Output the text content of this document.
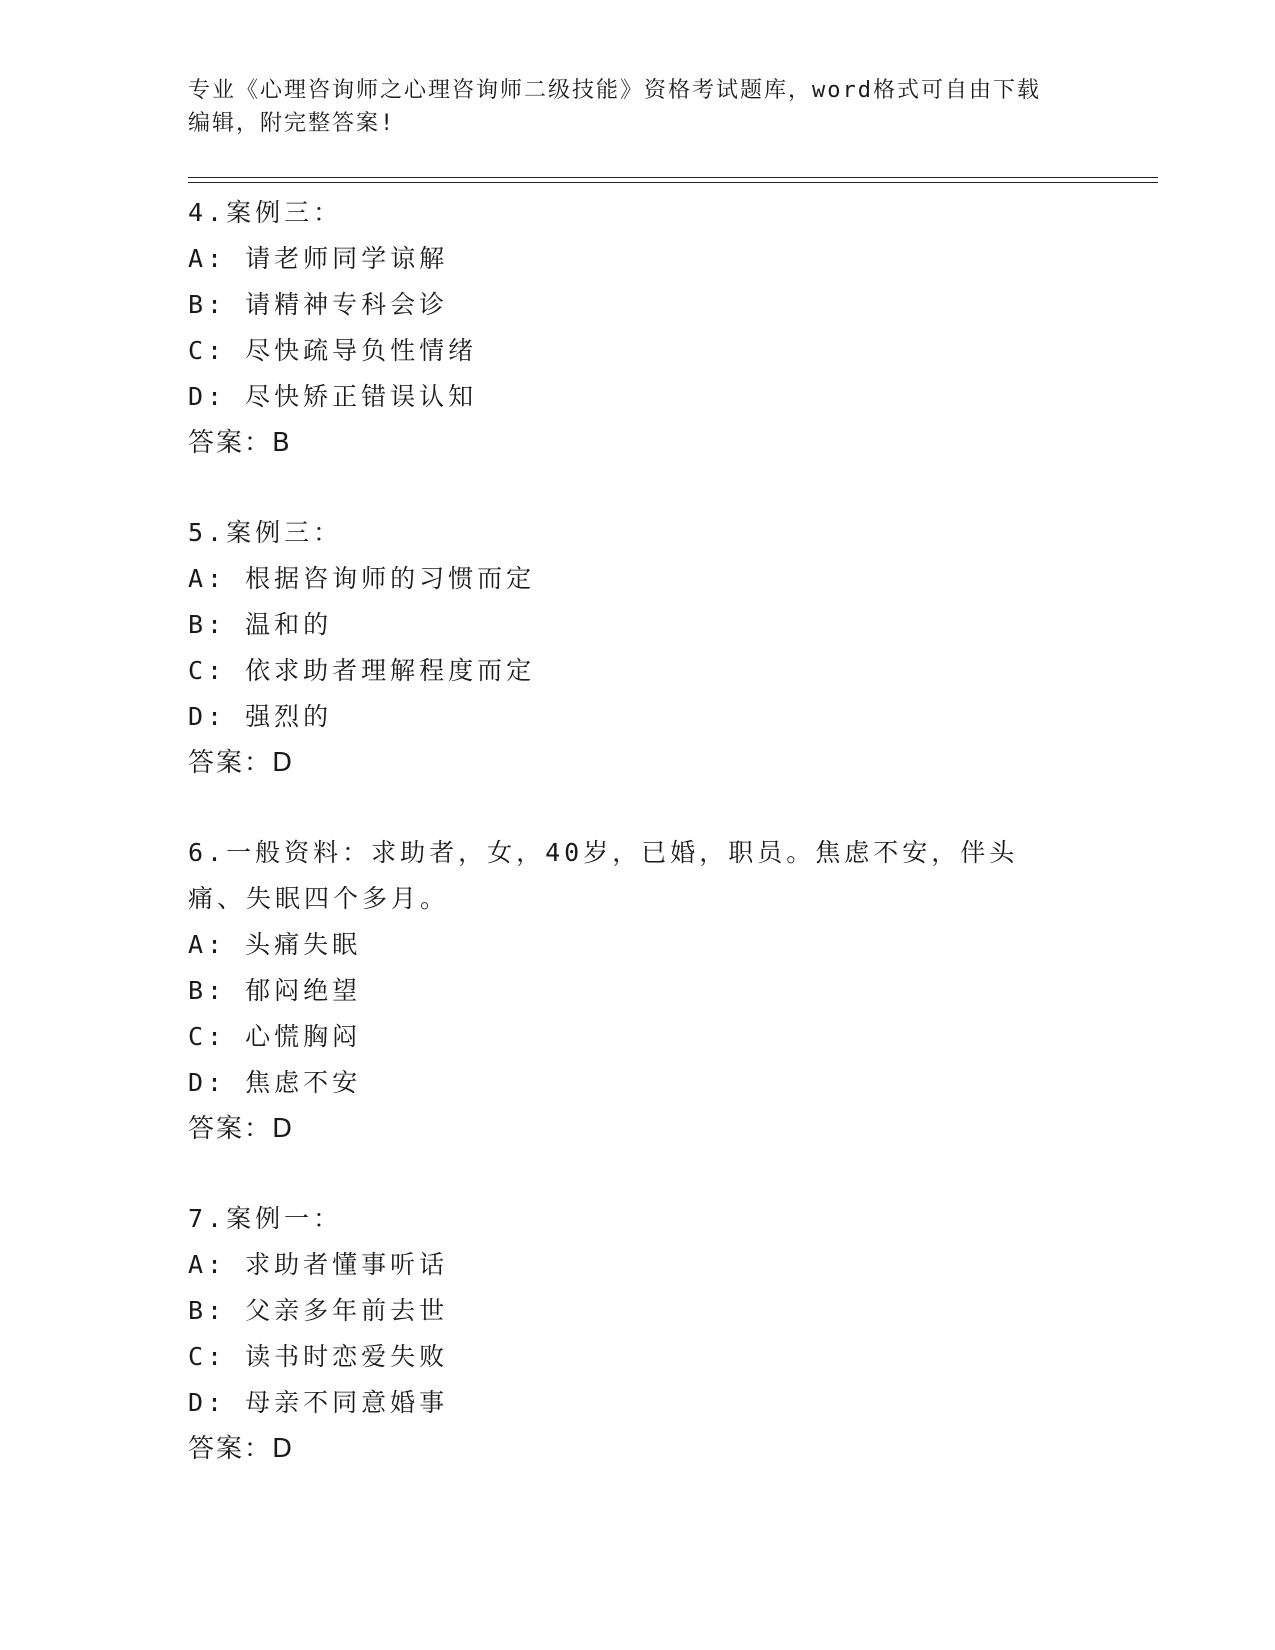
专业《心理咨询师之心理咨询师二级技能》资格考试题库，word格式可自由下载
编辑，附完整答案!
4.案例三：
A: 请老师同学谅解
B: 请精神专科会诊
C: 尽快疏导负性情绪
D: 尽快矫正错误认知
答案：B
5.案例三：
A: 根据咨询师的习惯而定
B: 温和的
C: 依求助者理解程度而定
D: 强烈的
答案：D
6.一般资料：求助者，女，40岁，已婚，职员。焦虑不安，伴头痛、失眠四个多月。
A: 头痛失眠
B: 郁闷绝望
C: 心慌胸闷
D: 焦虑不安
答案：D
7.案例一：
A: 求助者懂事听话
B: 父亲多年前去世
C: 读书时恋爱失败
D: 母亲不同意婚事
答案：D
